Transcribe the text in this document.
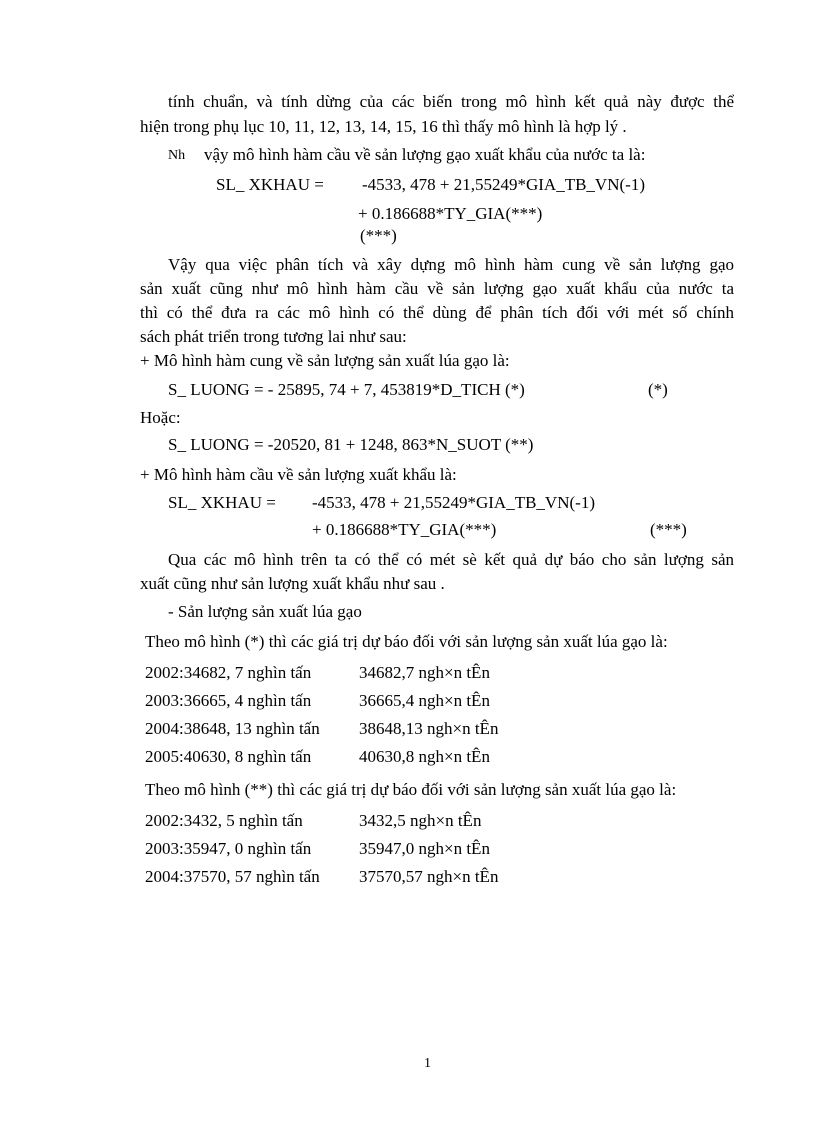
tính chuẩn, và tính dừng của các biến trong mô hình kết quả này được thể
hiện trong phụ lục 10, 11, 12, 13, 14, 15, 16 thì thấy mô hình là hợp lý .
Nh vậy mô hình hàm cầu về sản lượng gạo xuất khẩu của nước ta là:
SL_ XKHAU = -4533, 478 + 21,55249*GIA_TB_VN(-1)
+ 0.186688*TY_GIA(***)
(***)
Vậy qua việc phân tích và xây dựng mô hình hàm cung về sản lượng gạo
sản xuất cũng như mô hình hàm cầu về sản lượng gạo xuất khẩu của nước ta
thì có thể đưa ra các mô hình có thể dùng để phân tích đối với mét số chính
sách phát triển trong tương lai như sau:
+ Mô hình hàm cung về sản lượng sản xuất lúa gạo là:
S_ LUONG = - 25895, 74 + 7, 453819*D_TICH (*)	(*)
Hoặc:
S_ LUONG = -20520, 81 + 1248, 863*N_SUOT (**)
+ Mô hình hàm cầu về sản lượng xuất khẩu là:
SL_ XKHAU = -4533, 478 + 21,55249*GIA_TB_VN(-1)
+ 0.186688*TY_GIA(***)	(***)
Qua các mô hình trên ta có thể có mét sè kết quả dự báo cho sản lượng sản
xuất cũng như sản lượng xuất khẩu như sau .
- Sản lượng sản xuất lúa gạo
Theo mô hình (*) thì các giá trị dự báo đối với sản lượng sản xuất lúa gạo là:
2002:34682, 7 nghìn tấn	34682,7 ngh×n tÊn
2003:36665, 4 nghìn tấn	36665,4 ngh×n tÊn
2004:38648, 13 nghìn tấn 38648,13 ngh×n tÊn
2005:40630, 8 nghìn tấn	40630,8 ngh×n tÊn
Theo mô hình (**) thì các giá trị dự báo đối với sản lượng sản xuất lúa gạo là:
2002:3432, 5 nghìn tấn	3432,5 ngh×n tÊn
2003:35947, 0 nghìn tấn	35947,0 ngh×n tÊn
2004:37570, 57 nghìn tấn 37570,57 ngh×n tÊn
1
